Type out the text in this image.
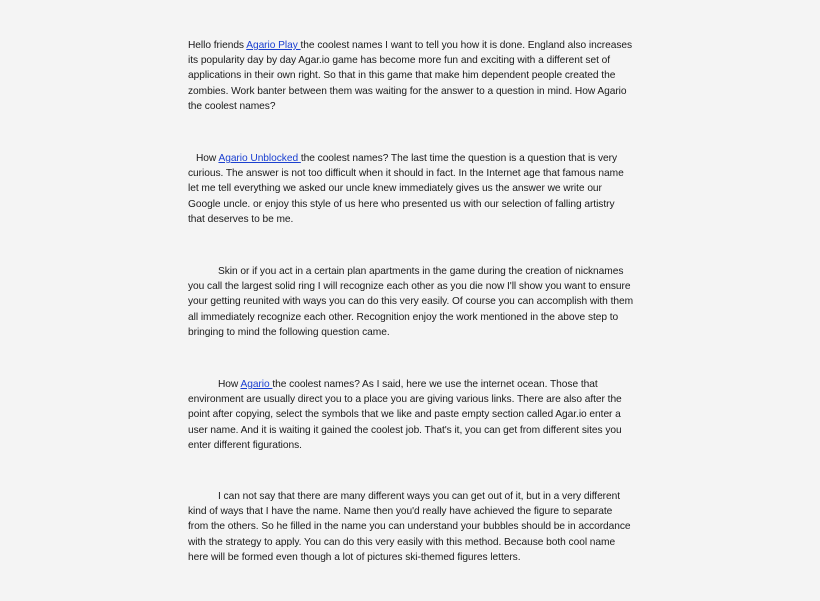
Hello friends Agario Play the coolest names I want to tell you how it is done. England also increases its popularity day by day Agar.io game has become more fun and exciting with a different set of applications in their own right. So that in this game that make him dependent people created the zombies. Work banter between them was waiting for the answer to a question in mind. How Agario the coolest names?

How Agario Unblocked the coolest names? The last time the question is a question that is very curious. The answer is not too difficult when it should in fact. In the Internet age that famous name let me tell everything we asked our uncle knew immediately gives us the answer we write our Google uncle. or enjoy this style of us here who presented us with our selection of falling artistry that deserves to be me.

Skin or if you act in a certain plan apartments in the game during the creation of nicknames you call the largest solid ring I will recognize each other as you die now I'll show you want to ensure your getting reunited with ways you can do this very easily. Of course you can accomplish with them all immediately recognize each other. Recognition enjoy the work mentioned in the above step to bringing to mind the following question came.

How Agario the coolest names? As I said, here we use the internet ocean. Those that environment are usually direct you to a place you are giving various links. There are also after the point after copying, select the symbols that we like and paste empty section called Agar.io enter a user name. And it is waiting it gained the coolest job. That's it, you can get from different sites you enter different figurations.

I can not say that there are many different ways you can get out of it, but in a very different kind of ways that I have the name. Name then you'd really have achieved the figure to separate from the others. So he filled in the name you can understand your bubbles should be in accordance with the strategy to apply. You can do this very easily with this method. Because both cool name here will be formed even though a lot of pictures ski-themed figures letters.
